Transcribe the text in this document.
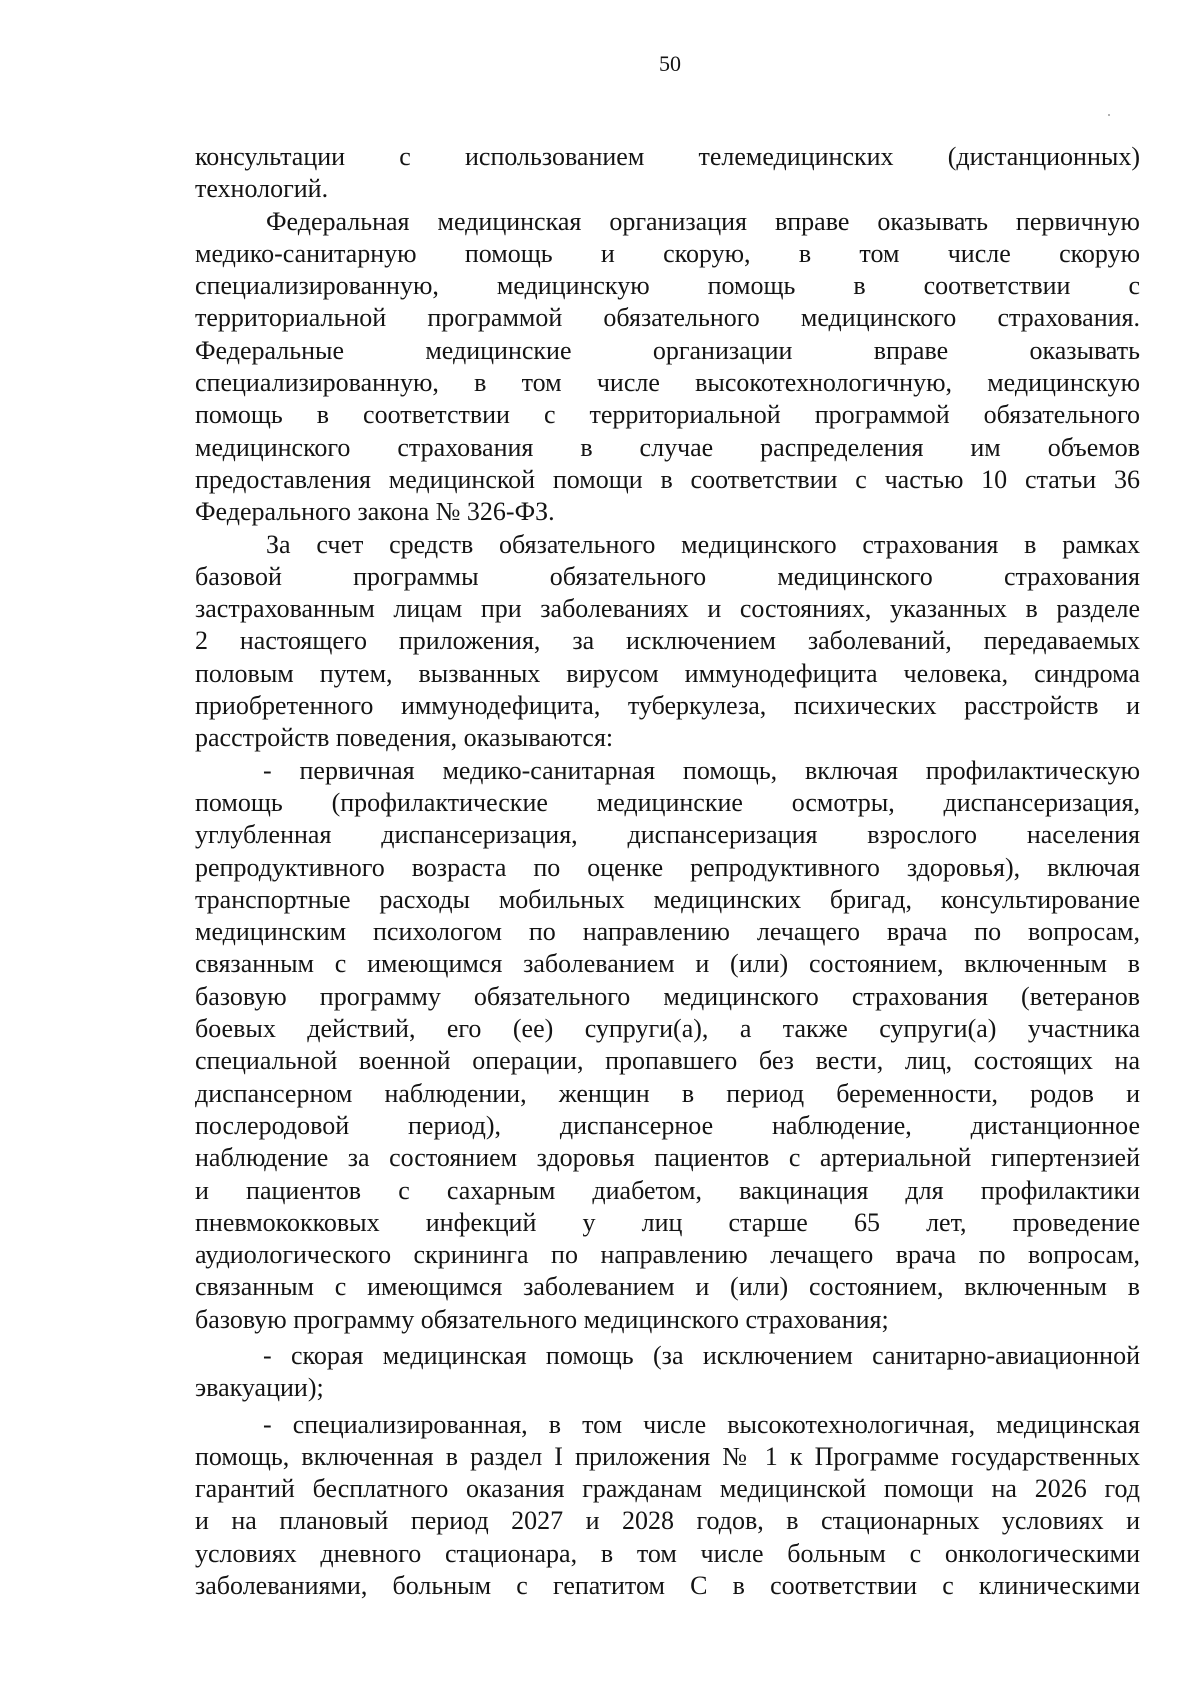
50
консультации с использованием телемедицинских (дистанционных)
технологий.
Федеральная медицинская организация вправе оказывать первичную
медико-санитарную помощь и скорую, в том числе скорую
специализированную, медицинскую помощь в соответствии с
территориальной программой обязательного медицинского страхования.
Федеральные медицинские организации вправе оказывать
специализированную, в том числе высокотехнологичную, медицинскую
помощь в соответствии с территориальной программой обязательного
медицинского страхования в случае распределения им объемов
предоставления медицинской помощи в соответствии с частью 10 статьи 36
Федерального закона № 326-ФЗ.
За счет средств обязательного медицинского страхования в рамках
базовой программы обязательного медицинского страхования
застрахованным лицам при заболеваниях и состояниях, указанных в разделе
2 настоящего приложения, за исключением заболеваний, передаваемых
половым путем, вызванных вирусом иммунодефицита человека, синдрома
приобретенного иммунодефицита, туберкулеза, психических расстройств и
расстройств поведения, оказываются:
- первичная медико-санитарная помощь, включая профилактическую
помощь (профилактические медицинские осмотры, диспансеризация,
углубленная диспансеризация, диспансеризация взрослого населения
репродуктивного возраста по оценке репродуктивного здоровья), включая
транспортные расходы мобильных медицинских бригад, консультирование
медицинским психологом по направлению лечащего врача по вопросам,
связанным с имеющимся заболеванием и (или) состоянием, включенным в
базовую программу обязательного медицинского страхования (ветеранов
боевых действий, его (ее) супруги(а), а также супруги(а) участника
специальной военной операции, пропавшего без вести, лиц, состоящих на
диспансерном наблюдении, женщин в период беременности, родов и
послеродовой период), диспансерное наблюдение, дистанционное
наблюдение за состоянием здоровья пациентов с артериальной гипертензией
и пациентов с сахарным диабетом, вакцинация для профилактики
пневмококковых инфекций у лиц старше 65 лет, проведение
аудиологического скрининга по направлению лечащего врача по вопросам,
связанным с имеющимся заболеванием и (или) состоянием, включенным в
базовую программу обязательного медицинского страхования;
- скорая медицинская помощь (за исключением санитарно-авиационной
эвакуации);
- специализированная, в том числе высокотехнологичная, медицинская
помощь, включенная в раздел I приложения № 1 к Программе государственных
гарантий бесплатного оказания гражданам медицинской помощи на 2026 год
и на плановый период 2027 и 2028 годов, в стационарных условиях и
условиях дневного стационара, в том числе больным с онкологическими
заболеваниями, больным с гепатитом С в соответствии с клиническими
